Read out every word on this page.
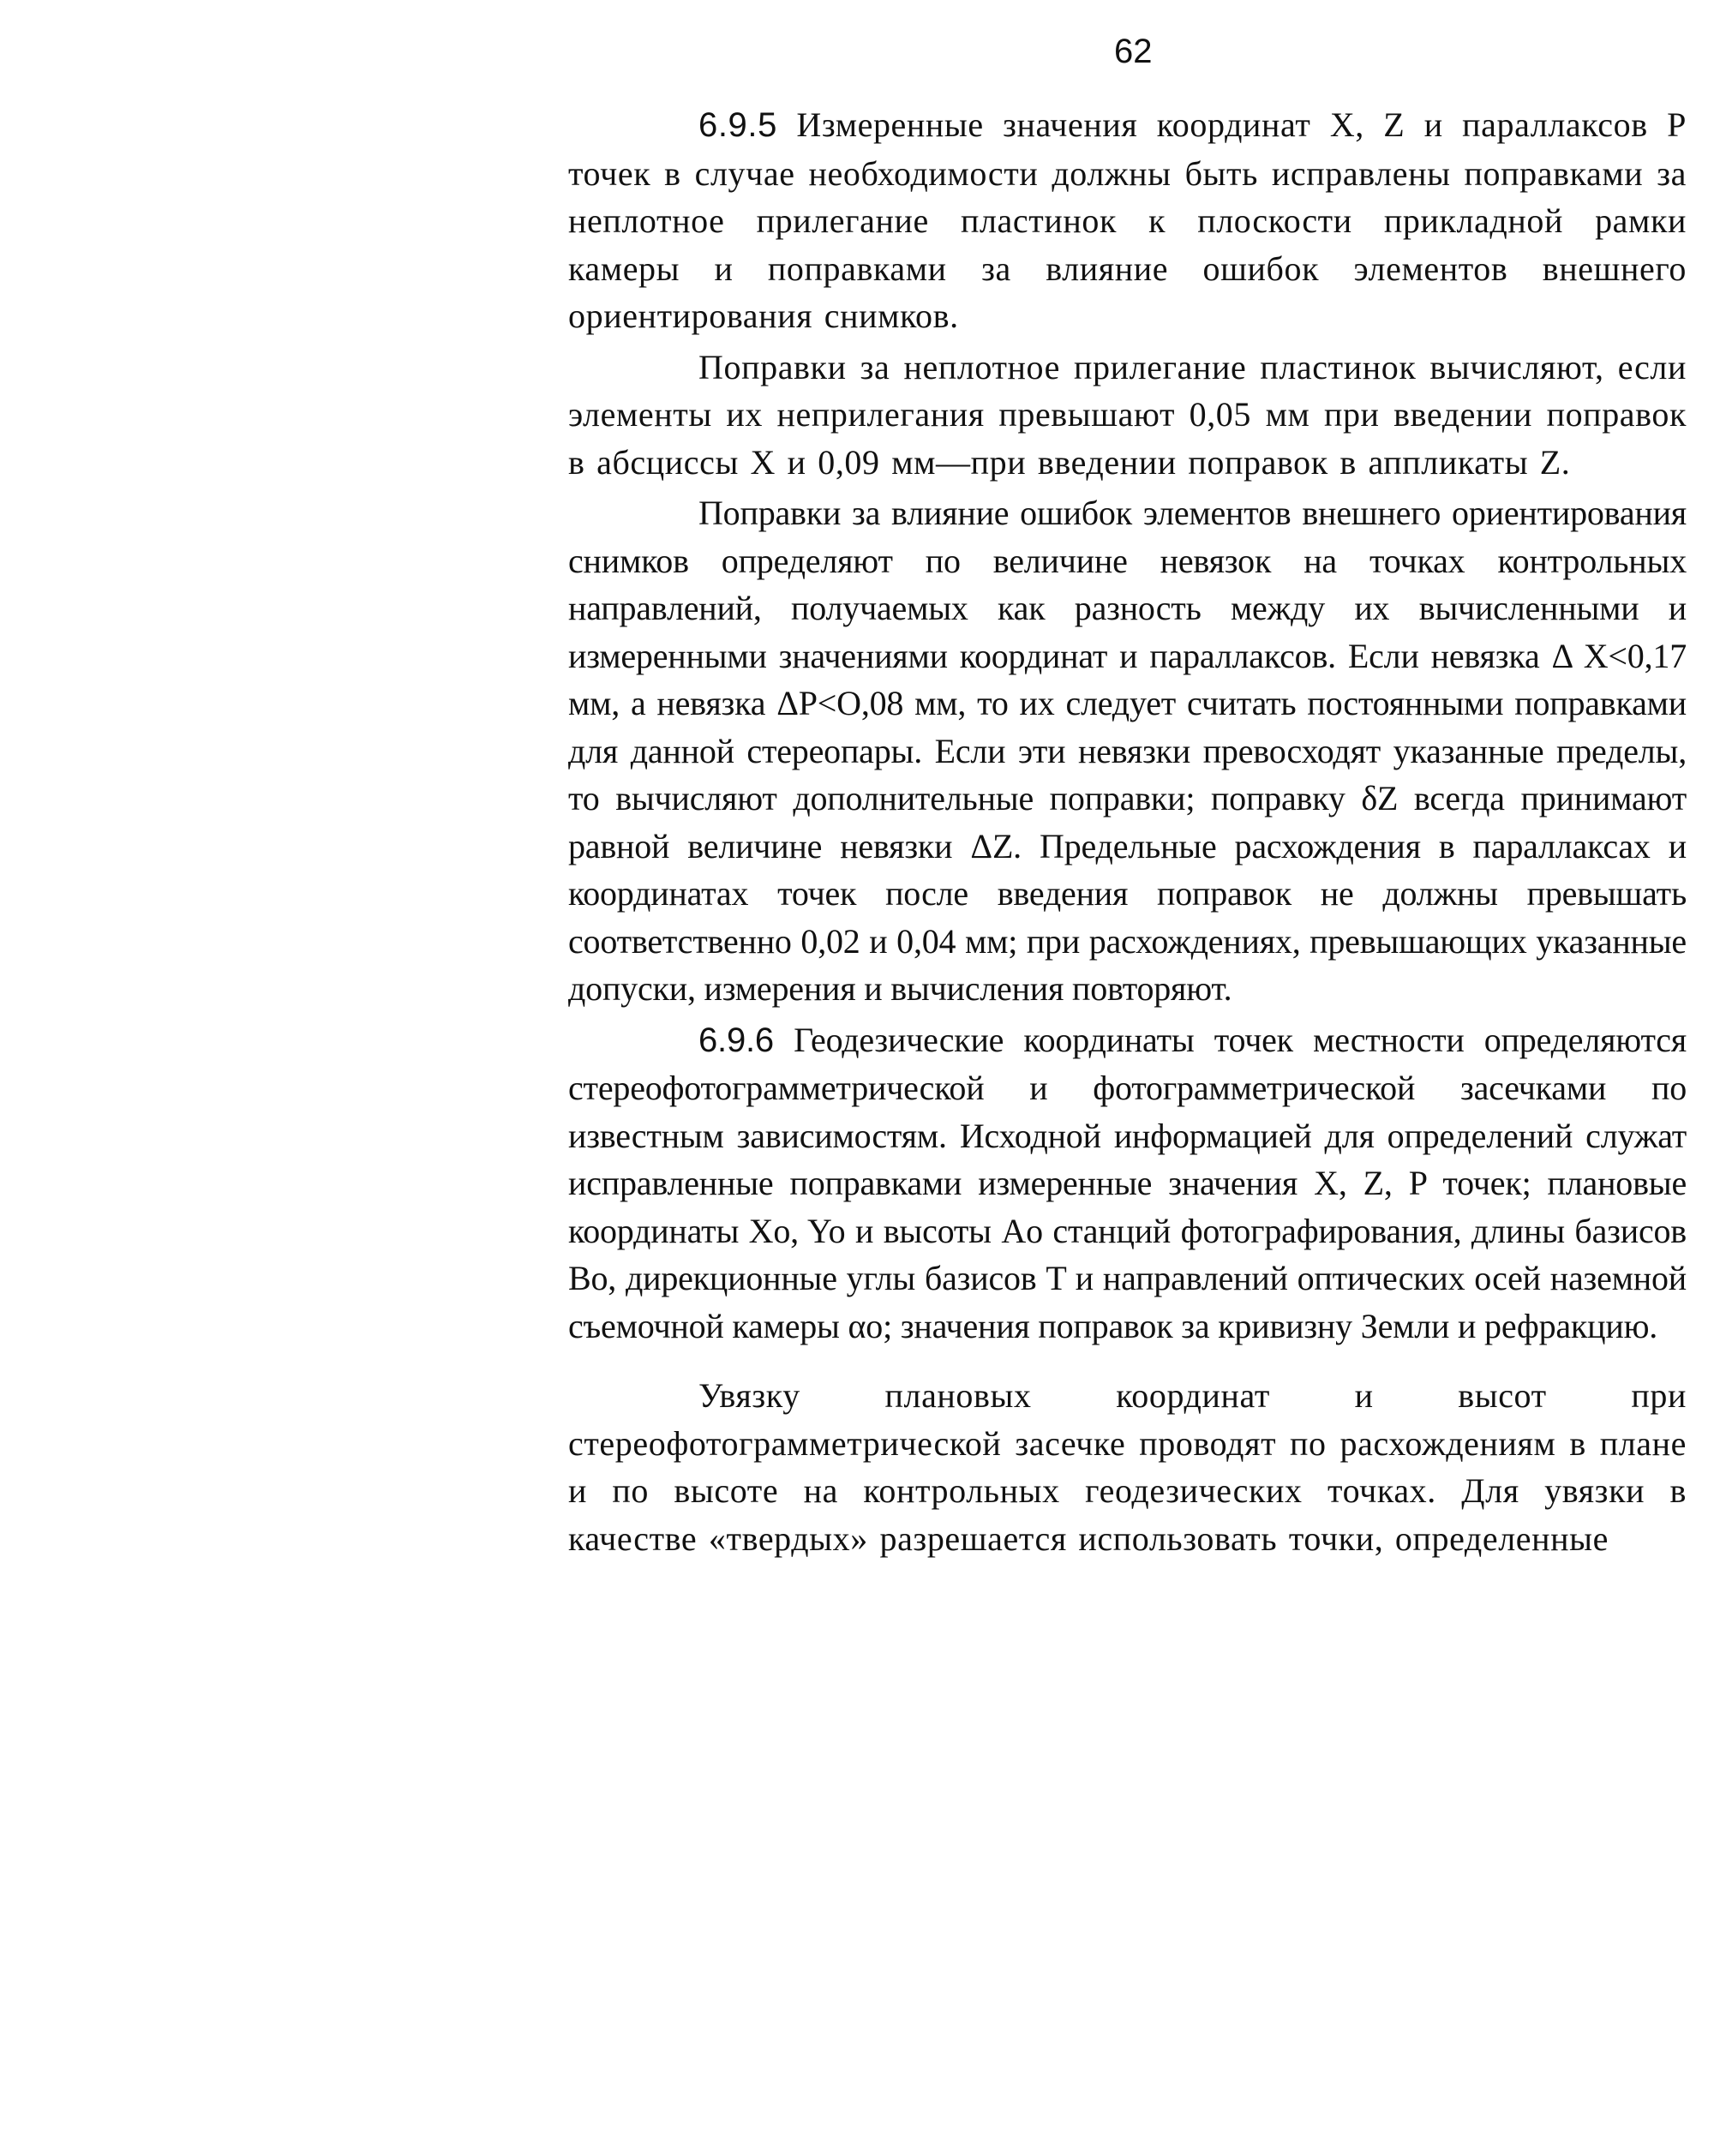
62

6.9.5 Измеренные значения координат X, Z и параллаксов P точек в случае необходимости должны быть исправлены поправками за неплотное прилегание пластинок к плоскости прикладной рамки камеры и поправками за влияние ошибок элементов внешнего ориентирования снимков.

Поправки за неплотное прилегание пластинок вычисляют, если элементы их неприлегания превышают 0,05 мм при введении поправок в абсциссы X и 0,09 мм—при введении поправок в аппликаты Z.

Поправки за влияние ошибок элементов внешнего ориентирования снимков определяют по величине невязок на точках контрольных направлений, получаемых как разность между их вычисленными и измеренными значениями координат и параллаксов. Если невязка Δ X<0,17 мм, а невязка ΔP<O,08 мм, то их следует считать постоянными поправками для данной стереопары. Если эти невязки превосходят указанные пределы, то вычисляют дополнительные поправки; поправку δZ всегда принимают равной величине невязки ΔZ. Предельные расхождения в параллаксах и координатах точек после введения поправок не должны превышать соответственно 0,02 и 0,04 мм; при расхождениях, превышающих указанные допуски, измерения и вычисления повторяют.

6.9.6 Геодезические координаты точек местности определяются стереофотограмметрической и фотограмметрической засечками по известным зависимостям. Исходной информацией для определений служат исправленные поправками измеренные значения X, Z, P точек; плановые координаты Xo, Yo и высоты Ao станций фотографирования, длины базисов Bo, дирекционные углы базисов T и направлений оптических осей наземной съемочной камеры αo; значения поправок за кривизну Земли и рефракцию.

Увязку плановых координат и высот при стереофотограмметрической засечке проводят по расхождениям в плане и по высоте на контрольных геодезических точках. Для увязки в качестве «твердых» разрешается использовать точки, определенные
